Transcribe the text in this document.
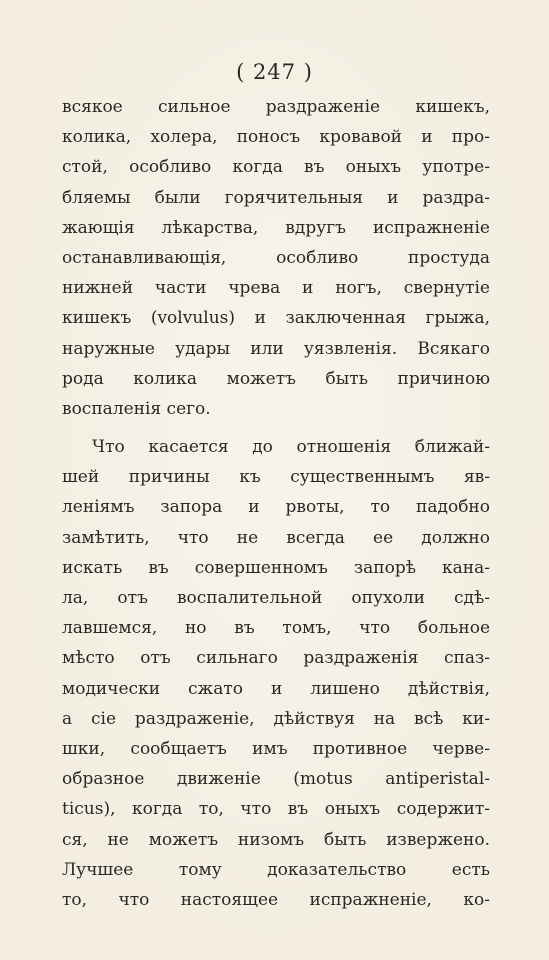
( 247 )
всякое сильное раздраженіе кишекъ,
колика, холера, поносъ кровавой и про-
стой, особливо когда въ оныхъ употре-
бляемы были горячительныя и раздра-
жающія лѣкарства, вдругъ испражненіе
останавливающія, особливо простуда
нижней части чрева и ногъ, свернутіе
кишекъ (volvulus) и заключенная грыжа,
наружные удары или уязвленія. Всякаго
рода колика можетъ быть причиною
воспаленія сего.
Что касается до отношенія ближай-
шей причины къ существеннымъ яв-
леніямъ запора и рвоты, то падобно
замѣтить, что не всегда ее должно
искать въ совершенномъ запорѣ кана-
ла, отъ воспалительной опухоли сдѣ-
лавшемся, но въ томъ, что больное
мѣсто отъ сильнаго раздраженія спаз-
модически сжато и лишено дѣйствія,
а сіе раздраженіе, дѣйствуя на всѣ ки-
шки, сообщаетъ имъ противное черве-
образное движеніе (motus antiperistal-
ticus), когда то, что въ оныхъ содержит-
ся, не можетъ низомъ быть извержено.
Лучшее тому доказательство есть
то, что настоящее испражненіе, ко-
